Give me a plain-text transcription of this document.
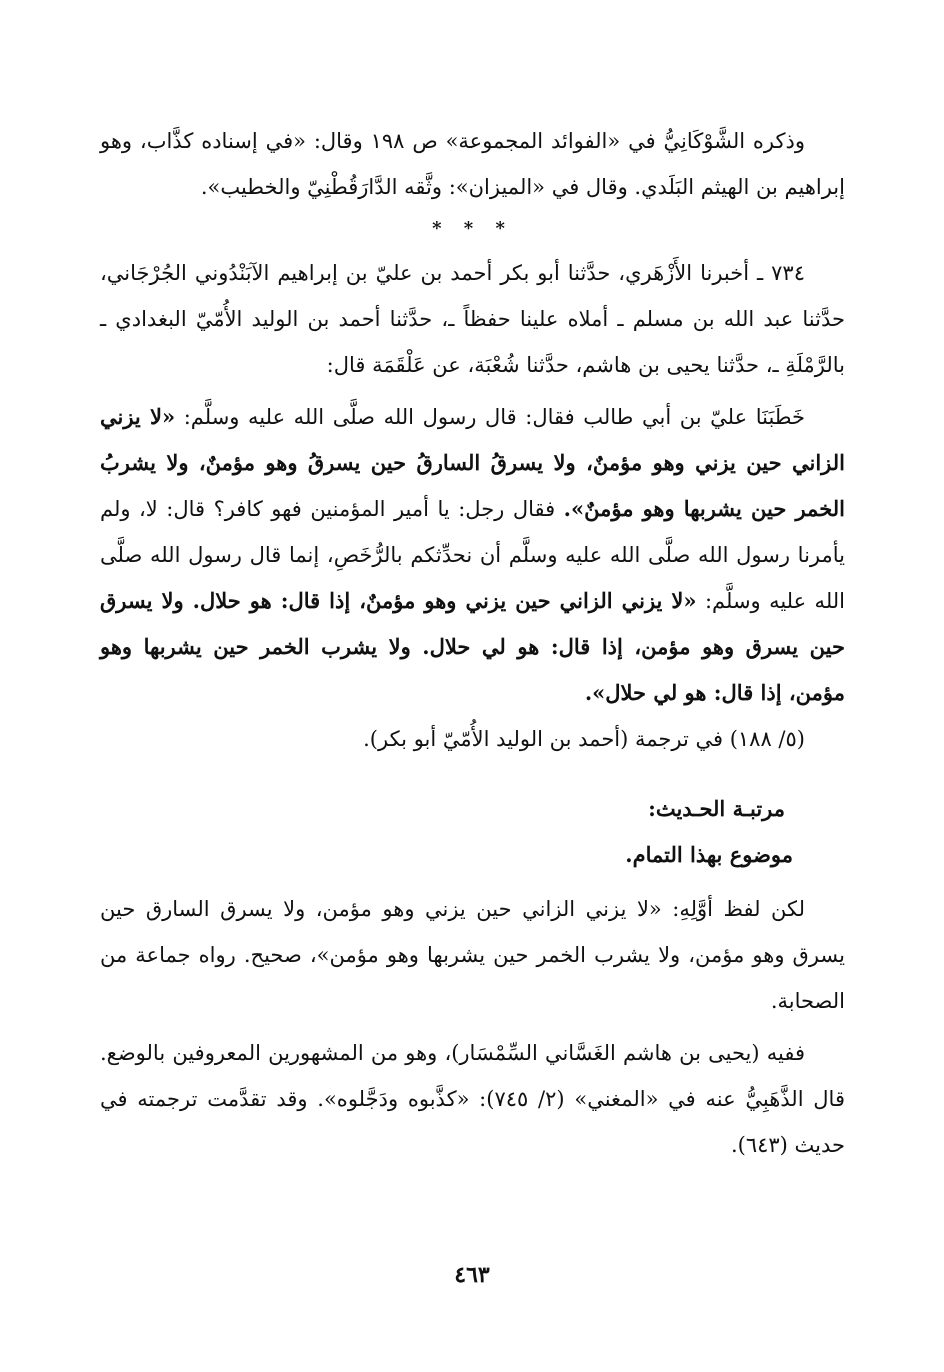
وذكره الشَّوْكَانِيُّ في «الفوائد المجموعة» ص ١٩٨ وقال: «في إسناده كذَّاب، وهو إبراهيم بن الهيثم البَلَدي. وقال في «الميزان»: وثَّقه الدَّارَقُطْنِيّ والخطيب».

* * *

٧٣٤ ـ أخبرنا الأَزْهَري، حدَّثنا أبو بكر أحمد بن عليّ بن إبراهيم الآبَنْدُوني الجُرْجَاني، حدَّثنا عبد الله بن مسلم ـ أملاه علينا حفظاً ـ، حدَّثنا أحمد بن الوليد الأُمّيّ البغدادي ـ بالرَّمْلَةِ ـ، حدَّثنا يحيى بن هاشم، حدَّثنا شُعْبَة، عن عَلْقَمَة قال:

خَطَبَنَا عليّ بن أبي طالب فقال: قال رسول الله صلَّى الله عليه وسلَّم: «لا يزني الزاني حين يزني وهو مؤمنٌ، ولا يسرقُ السارقُ حين يسرقُ وهو مؤمنٌ، ولا يشربُ الخمر حين يشربها وهو مؤمنٌ». فقال رجل: يا أمير المؤمنين فهو كافر؟ قال: لا، ولم يأمرنا رسول الله صلَّى الله عليه وسلَّم أن نحدِّثكم بالرُّخَصِ، إنما قال رسول الله صلَّى الله عليه وسلَّم: «لا يزني الزاني حين يزني وهو مؤمنٌ، إذا قال: هو حلال. ولا يسرق حين يسرق وهو مؤمن، إذا قال: هو لي حلال. ولا يشرب الخمر حين يشربها وهو مؤمن، إذا قال: هو لي حلال».

(٥/ ١٨٨) في ترجمة (أحمد بن الوليد الأُمّيّ أبو بكر).

مرتبـة الحـديث:

موضوع بهذا التمام.

لكن لفظ أوَّلِهِ: «لا يزني الزاني حين يزني وهو مؤمن، ولا يسرق السارق حين يسرق وهو مؤمن، ولا يشرب الخمر حين يشربها وهو مؤمن»، صحيح. رواه جماعة من الصحابة.

ففيه (يحيى بن هاشم الغَسَّاني السِّمْسَار)، وهو من المشهورين المعروفين بالوضع. قال الذَّهَبِيُّ عنه في «المغني» (٢/ ٧٤٥): «كذَّبوه ودَجَّلوه». وقد تقدَّمت ترجمته في حديث (٦٤٣).

٤٦٣
